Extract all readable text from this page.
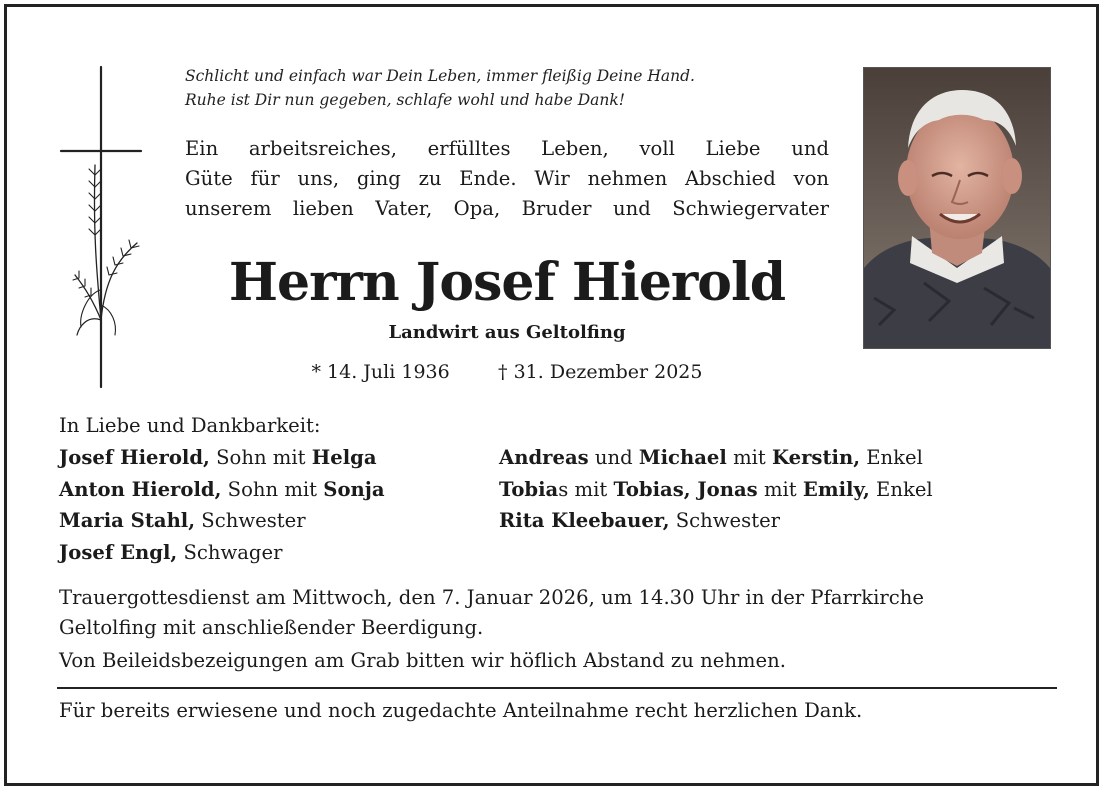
Schlicht und einfach war Dein Leben, immer fleißig Deine Hand.
Ruhe ist Dir nun gegeben, schlafe wohl und habe Dank!
Ein arbeitsreiches, erfülltes Leben, voll Liebe und
Güte für uns, ging zu Ende. Wir nehmen Abschied von
unserem lieben Vater, Opa, Bruder und Schwiegervater
Herrn Josef Hierold
Landwirt aus Geltolfing
* 14. Juli 1936	† 31. Dezember 2025
In Liebe und Dankbarkeit:
Josef Hierold, Sohn mit Helga
Anton Hierold, Sohn mit Sonja
Maria Stahl, Schwester
Josef Engl, Schwager
Andreas und Michael mit Kerstin, Enkel
Tobias mit Tobias, Jonas mit Emily, Enkel
Rita Kleebauer, Schwester

Trauergottesdienst am Mittwoch, den 7. Januar 2026, um 14.30 Uhr in der Pfarrkirche

Geltolfing mit anschließender Beerdigung.

Von Beileidsbezeigungen am Grab bitten wir höflich Abstand zu nehmen.

Für bereits erwiesene und noch zugedachte Anteilnahme recht herzlichen Dank.
